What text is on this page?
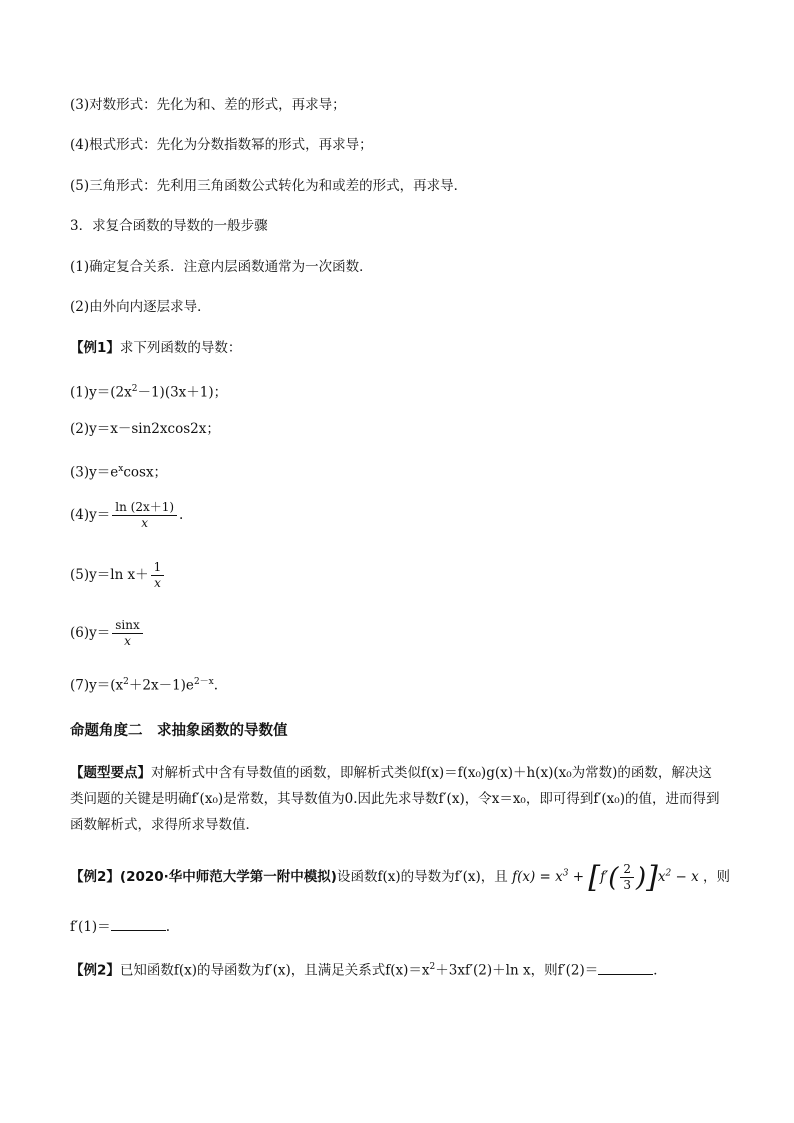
(3)对数形式：先化为和、差的形式，再求导；
(4)根式形式：先化为分数指数幂的形式，再求导；
(5)三角形式：先利用三角函数公式转化为和或差的形式，再求导．
3．求复合函数的导数的一般步骤
(1)确定复合关系．注意内层函数通常为一次函数．
(2)由外向内逐层求导．
【例1】求下列函数的导数：
$(1)y=(2x^2-1)(3x+1)$；
(2)y＝x－sin2xcos2x；
$(3)y=e^x\cos x$；
$(4)y= \frac{\ln (2x+1)}{x}$ .
(5)y＝ln $x+ \frac{1}{x}$
$(6)y= \frac{\sin x}{x}$
$(7)y=(x^2+2x-1)e^{2-x}$.
命题角度二　求抽象函数的导数值
【题型要点】对解析式中含有导数值的函数，即解析式类似f(x)＝f(x₀)g(x)＋h(x)(x₀为常数)的函数，解决这类问题的关键是明确f′(x₀)是常数，其导数值为0.因此先求导数f′(x)，令x＝x₀，即可得到f′(x₀)的值，进而得到函数解析式，求得所求导数值．
【例2】(2020·华中师范大学第一附中模拟)设函数f(x)的导数为f′(x)，且 $f(x) = x^3 + [f'( \frac{2}{3} )]x^2 - x$ ，则
f′(1)＝	.
【例2】已知函数f(x)的导函数为f′(x)，且满足关系式$f(x)=x^2+3xf'(2)+\ln$ x，则f′(2)＝	．
